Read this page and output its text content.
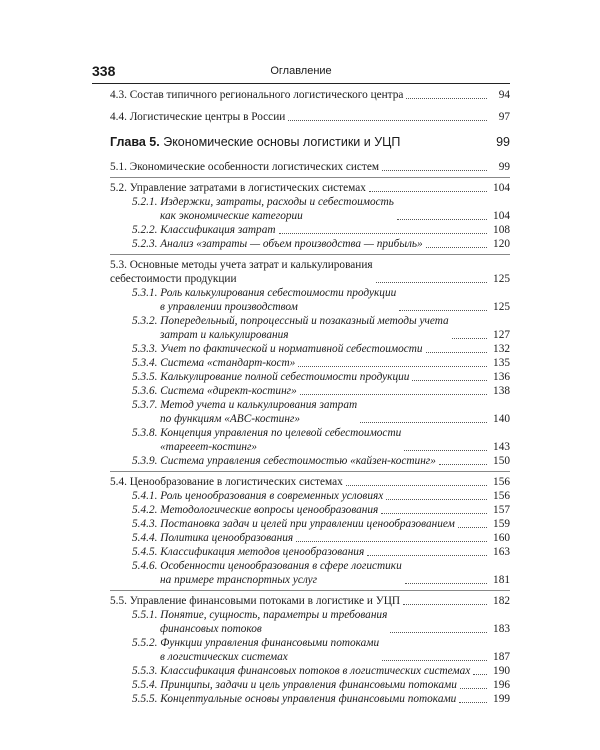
338	Оглавление
4.3. Состав типичного регионального логистического центра	94
4.4. Логистические центры в России	97
Глава 5. Экономические основы логистики и УЦП	99
5.1. Экономические особенности логистических систем	99
5.2. Управление затратами в логистических системах	104
5.2.1. Издержки, затраты, расходы и себестоимость
как экономические категории	104
5.2.2. Классификация затрат	108
5.2.3. Анализ «затраты — объем производства — прибыль»	120
5.3. Основные методы учета затрат и калькулирования
себестоимости продукции	125
5.3.1. Роль калькулирования себестоимости продукции
в управлении производством	125
5.3.2. Попередельный, попроцессный и позаказный методы учета
затрат и калькулирования	127
5.3.3. Учет по фактической и нормативной себестоимости	132
5.3.4. Система «стандарт-кост»	135
5.3.5. Калькулирование полной себестоимости продукции	136
5.3.6. Система «директ-костинг»	138
5.3.7. Метод учета и калькулирования затрат
по функциям «ABC-костинг»	140
5.3.8. Концепция управления по целевой себестоимости
«тарееет-костинг»	143
5.3.9. Система управления себестоимостью «кайзен-костинг»	150
5.4. Ценообразование в логистических системах	156
5.4.1. Роль ценообразования в современных условиях	156
5.4.2. Методологические вопросы ценообразования	157
5.4.3. Постановка задач и целей при управлении ценообразованием	159
5.4.4. Политика ценообразования	160
5.4.5. Классификация методов ценообразования	163
5.4.6. Особенности ценообразования в сфере логистики
на примере транспортных услуг	181
5.5. Управление финансовыми потоками в логистике и УЦП	182
5.5.1. Понятие, сущность, параметры и требования
финансовых потоков	183
5.5.2. Функции управления финансовыми потоками
в логистических системах	187
5.5.3. Классификация финансовых потоков в логистических системах 190
5.5.4. Принципы, задачи и цель управления финансовыми потоками	196
5.5.5. Концептуальные основы управления финансовыми потоками	199
